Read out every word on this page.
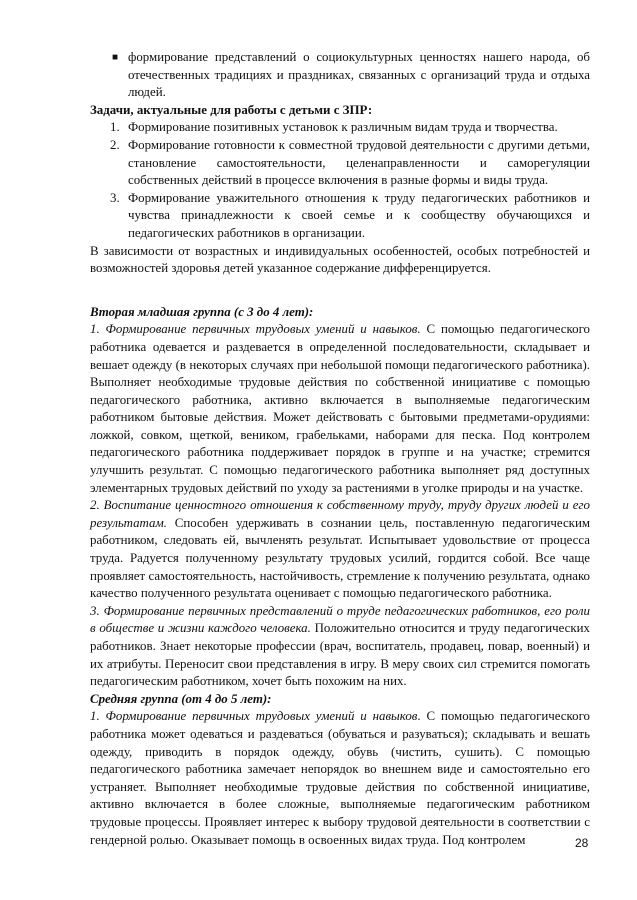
■ формирование представлений о социокультурных ценностях нашего народа, об отечественных традициях и праздниках, связанных с организаций труда и отдыха людей.
Задачи, актуальные для работы с детьми с ЗПР:
1. Формирование позитивных установок к различным видам труда и творчества.
2. Формирование готовности к совместной трудовой деятельности с другими детьми, становление самостоятельности, целенаправленности и саморегуляции собственных действий в процессе включения в разные формы и виды труда.
3. Формирование уважительного отношения к труду педагогических работников и чувства принадлежности к своей семье и к сообществу обучающихся и педагогических работников в организации.
В зависимости от возрастных и индивидуальных особенностей, особых потребностей и возможностей здоровья детей указанное содержание дифференцируется.
Вторая младшая группа (с 3 до 4 лет):
1. Формирование первичных трудовых умений и навыков. С помощью педагогического работника одевается и раздевается в определенной последовательности, складывает и вешает одежду (в некоторых случаях при небольшой помощи педагогического работника). Выполняет необходимые трудовые действия по собственной инициативе с помощью педагогического работника, активно включается в выполняемые педагогическим работником бытовые действия. Может действовать с бытовыми предметами-орудиями: ложкой, совком, щеткой, веником, грабельками, наборами для песка. Под контролем педагогического работника поддерживает порядок в группе и на участке; стремится улучшить результат. С помощью педагогического работника выполняет ряд доступных элементарных трудовых действий по уходу за растениями в уголке природы и на участке.
2. Воспитание ценностного отношения к собственному труду, труду других людей и его результатам. Способен удерживать в сознании цель, поставленную педагогическим работником, следовать ей, вычленять результат. Испытывает удовольствие от процесса труда. Радуется полученному результату трудовых усилий, гордится собой. Все чаще проявляет самостоятельность, настойчивость, стремление к получению результата, однако качество полученного результата оценивает с помощью педагогического работника.
3. Формирование первичных представлений о труде педагогических работников, его роли в обществе и жизни каждого человека. Положительно относится и труду педагогических работников. Знает некоторые профессии (врач, воспитатель, продавец, повар, военный) и их атрибуты. Переносит свои представления в игру. В меру своих сил стремится помогать педагогическим работником, хочет быть похожим на них.
Средняя группа (от 4 до 5 лет):
1. Формирование первичных трудовых умений и навыков. С помощью педагогического работника может одеваться и раздеваться (обуваться и разуваться); складывать и вешать одежду, приводить в порядок одежду, обувь (чистить, сушить). С помощью педагогического работника замечает непорядок во внешнем виде и самостоятельно его устраняет. Выполняет необходимые трудовые действия по собственной инициативе, активно включается в более сложные, выполняемые педагогическим работником трудовые процессы. Проявляет интерес к выбору трудовой деятельности в соответствии с гендерной ролью. Оказывает помощь в освоенных видах труда. Под контролем	28
